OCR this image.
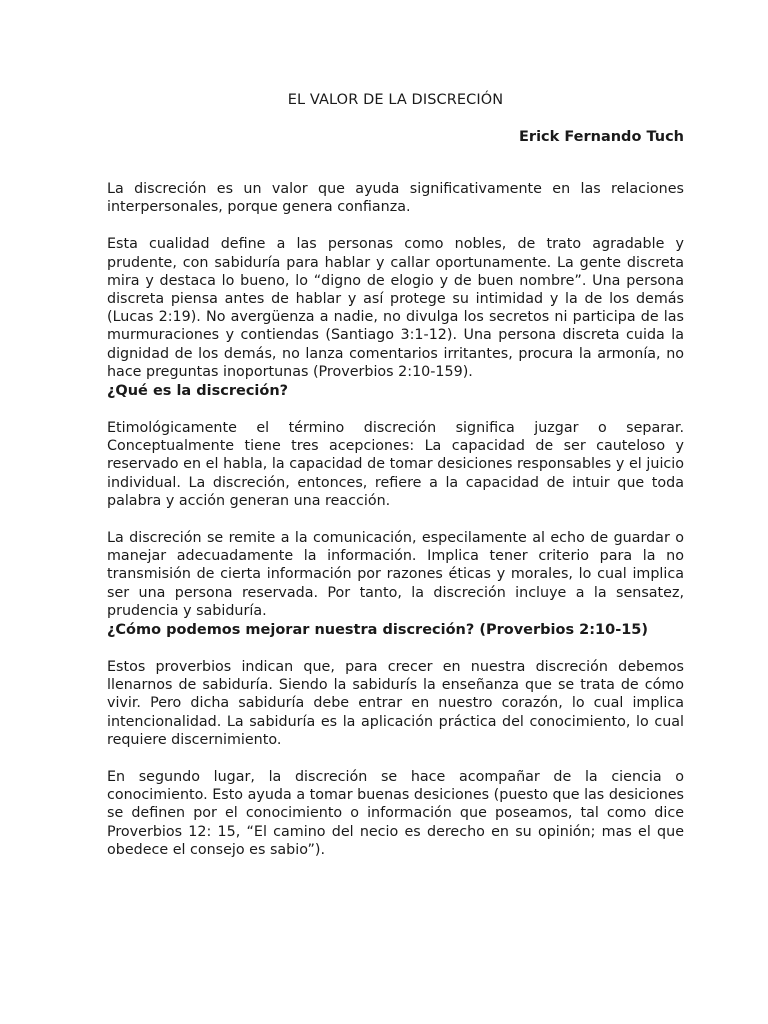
EL VALOR DE LA DISCRECIÓN

Erick Fernando Tuch

La discreción es un valor que ayuda significativamente en las relaciones interpersonales, porque genera confianza.

Esta cualidad define a las personas como nobles, de trato agradable y prudente, con sabiduría para hablar y callar oportunamente. La gente discreta mira y destaca lo bueno, lo “digno de elogio y de buen nombre”. Una persona discreta piensa antes de hablar y así protege su intimidad y la de los demás (Lucas 2:19). No avergüenza a nadie, no divulga los secretos ni participa de las murmuraciones y contiendas (Santiago 3:1-12). Una persona discreta cuida la dignidad de los demás, no lanza comentarios irritantes, procura la armonía, no hace preguntas inoportunas (Proverbios 2:10-159).

¿Qué es la discreción?

Etimológicamente el término discreción significa juzgar o separar. Conceptualmente tiene tres acepciones: La capacidad de ser cauteloso y reservado en el habla, la capacidad de tomar desiciones responsables y el juicio individual. La discreción, entonces, refiere a la capacidad de intuir que toda palabra y acción generan una reacción.

La discreción se remite a la comunicación, especilamente al echo de guardar o manejar adecuadamente la información. Implica tener criterio para la no transmisión de cierta información por razones éticas y morales, lo cual implica ser una persona reservada. Por tanto, la discreción incluye a la sensatez, prudencia y sabiduría.

¿Cómo podemos mejorar nuestra discreción? (Proverbios 2:10-15)

Estos proverbios indican que, para crecer en nuestra discreción debemos llenarnos de sabiduría. Siendo la sabidurís la enseñanza que se trata de cómo vivir. Pero dicha sabiduría debe entrar en nuestro corazón, lo cual implica intencionalidad. La sabiduría es la aplicación práctica del conocimiento, lo cual requiere discernimiento.

En segundo lugar, la discreción se hace acompañar de la ciencia o conocimiento. Esto ayuda a tomar buenas desiciones (puesto que las desiciones se definen por el conocimiento o información que poseamos, tal como dice Proverbios 12: 15, “El camino del necio es derecho en su opinión; mas el que obedece el consejo es sabio”).
